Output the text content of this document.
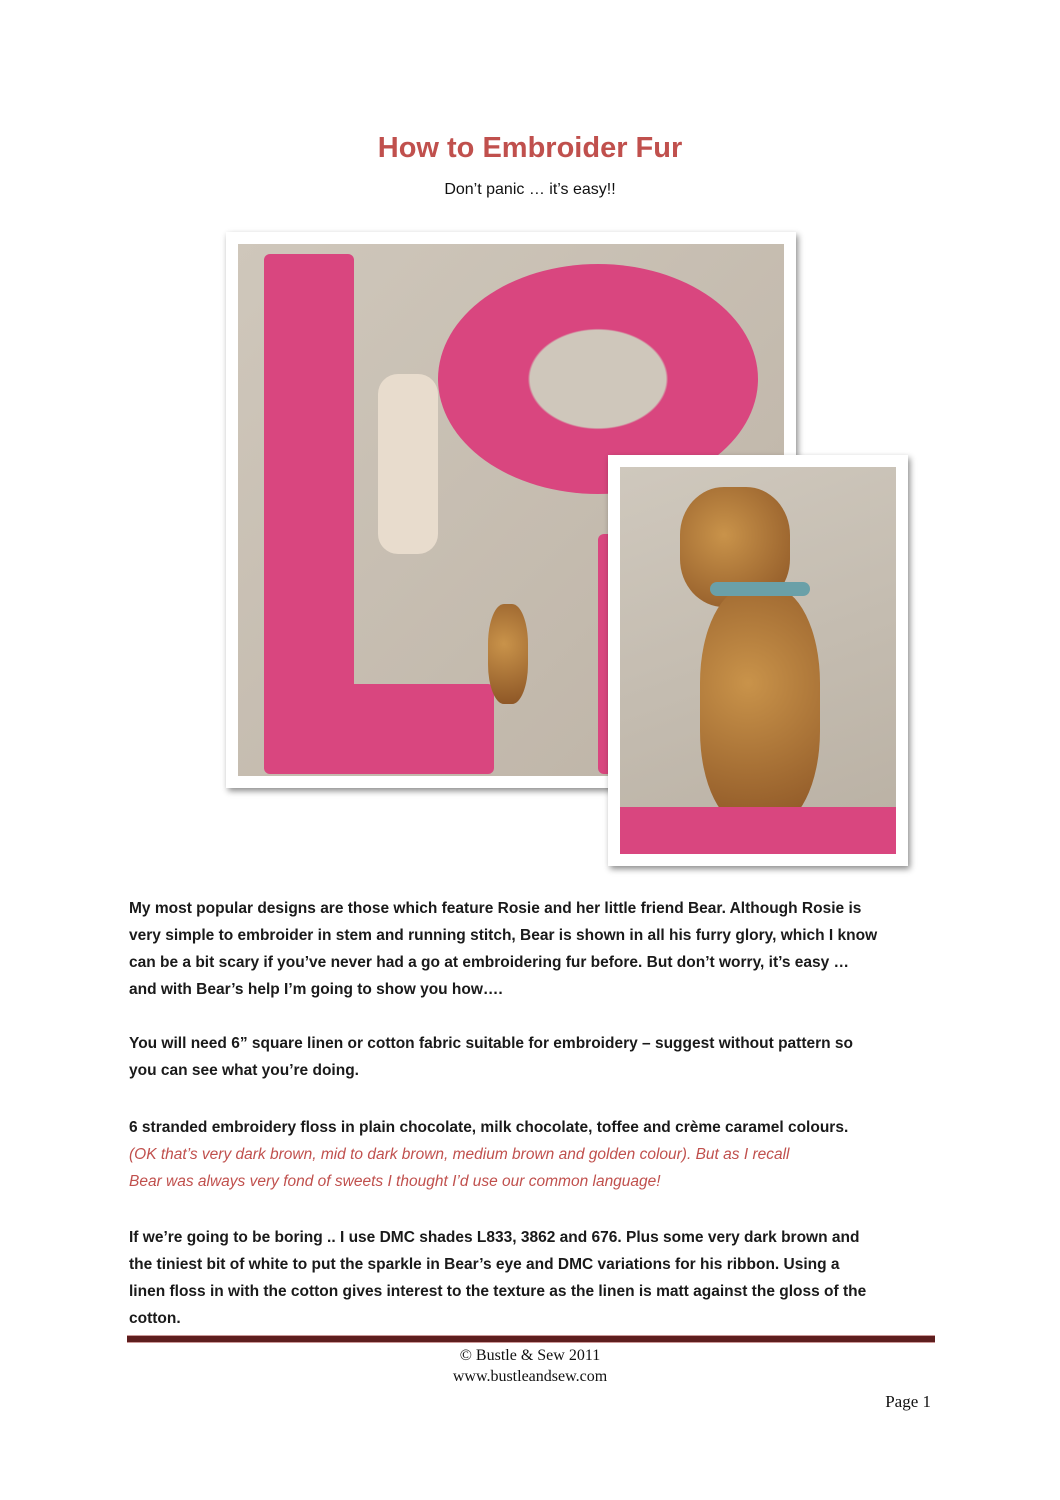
How to Embroider Fur
Don’t panic … it’s easy!!
My most popular designs are those which feature Rosie and her little friend Bear. Although Rosie is
very simple to embroider in stem and running stitch, Bear is shown in all his furry glory, which I know
can be a bit scary if you’ve never had a go at embroidering fur before. But don’t worry, it’s easy …
and with Bear’s help I’m going to show you how….
You will need 6” square linen or cotton fabric suitable for embroidery – suggest without pattern so
you can see what you’re doing.
6 stranded embroidery floss in plain chocolate, milk chocolate, toffee and crème caramel colours.
(OK that’s very dark brown, mid to dark brown, medium brown and golden colour). But as I recall
Bear was always very fond of sweets I thought I’d use our common language!
If we’re going to be boring .. I use DMC shades L833, 3862 and 676. Plus some very dark brown and
the tiniest bit of white to put the sparkle in Bear’s eye and DMC variations for his ribbon. Using a
linen floss in with the cotton gives interest to the texture as the linen is matt against the gloss of the
cotton.
© Bustle & Sew 2011
www.bustleandsew.com
Page 1
